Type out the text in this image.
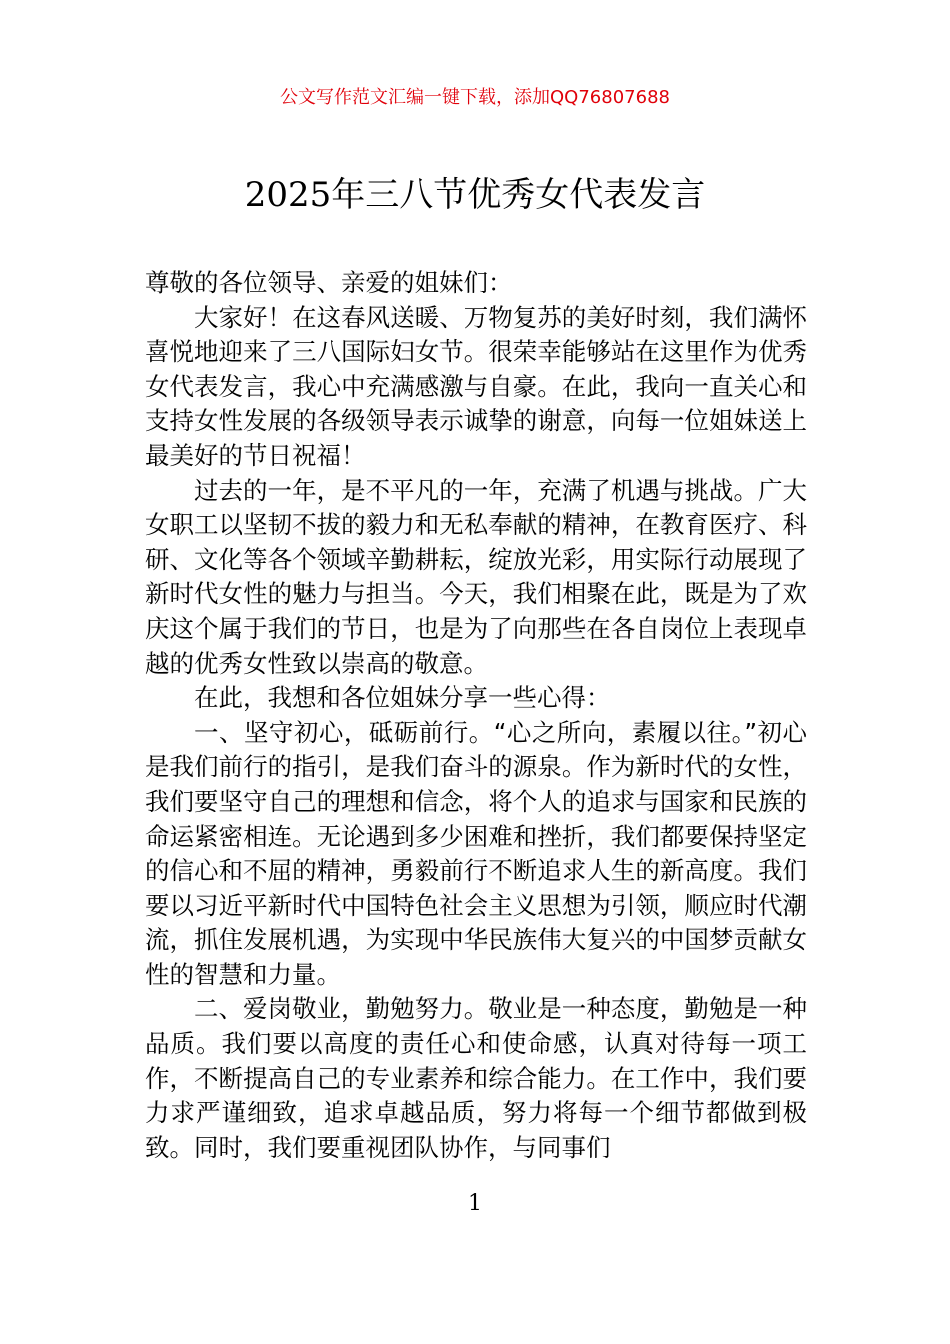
公文写作范文汇编一键下载，添加QQ76807688
2025年三八节优秀女代表发言

尊敬的各位领导、亲爱的姐妹们：

大家好！在这春风送暖、万物复苏的美好时刻，我们满怀喜悦地迎来了三八国际妇女节。很荣幸能够站在这里作为优秀女代表发言，我心中充满感激与自豪。在此，我向一直关心和支持女性发展的各级领导表示诚挚的谢意，向每一位姐妹送上最美好的节日祝福！

过去的一年，是不平凡的一年，充满了机遇与挑战。广大女职工以坚韧不拔的毅力和无私奉献的精神，在教育医疗、科研、文化等各个领域辛勤耕耘，绽放光彩，用实际行动展现了新时代女性的魅力与担当。今天，我们相聚在此，既是为了欢庆这个属于我们的节日，也是为了向那些在各自岗位上表现卓越的优秀女性致以崇高的敬意。

在此，我想和各位姐妹分享一些心得：

一、坚守初心，砥砺前行。“心之所向，素履以往。”初心是我们前行的指引，是我们奋斗的源泉。作为新时代的女性，我们要坚守自己的理想和信念，将个人的追求与国家和民族的命运紧密相连。无论遇到多少困难和挫折，我们都要保持坚定的信心和不屈的精神，勇毅前行不断追求人生的新高度。我们要以习近平新时代中国特色社会主义思想为引领，顺应时代潮流，抓住发展机遇，为实现中华民族伟大复兴的中国梦贡献女性的智慧和力量。

二、爱岗敬业，勤勉努力。敬业是一种态度，勤勉是一种品质。我们要以高度的责任心和使命感，认真对待每一项工作，不断提高自己的专业素养和综合能力。在工作中，我们要力求严谨细致，追求卓越品质，努力将每一个细节都做到极致。同时，我们要重视团队协作，与同事们

1
